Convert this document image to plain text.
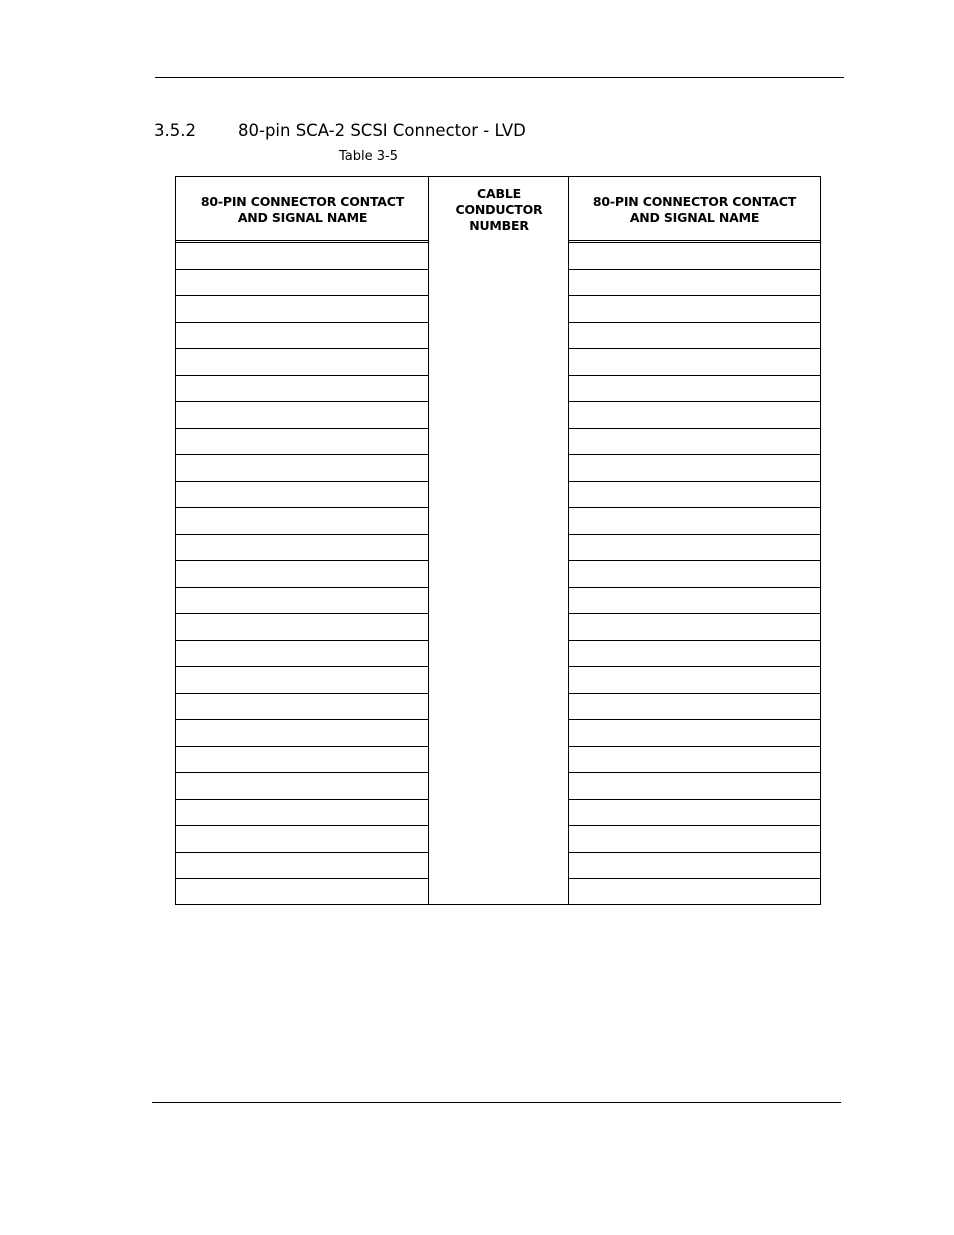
3.5.2	80-pin SCA-2 SCSI Connector - LVD
Table 3-5
80-PIN CONNECTOR CONTACT
AND SIGNAL NAME
CABLE
CONDUCTOR
NUMBER
80-PIN CONNECTOR CONTACT
AND SIGNAL NAME
